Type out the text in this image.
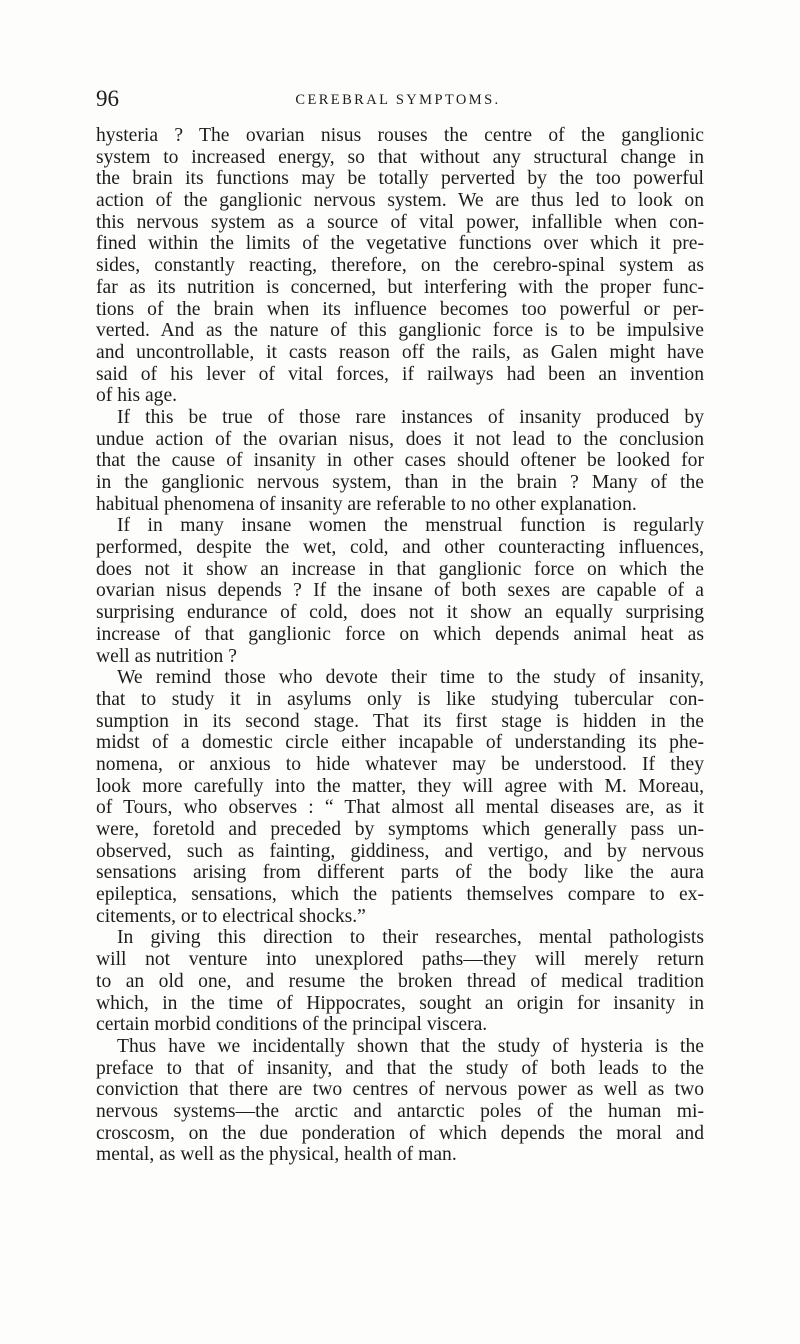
96	CEREBRAL SYMPTOMS.
hysteria ? The ovarian nisus rouses the centre of the ganglionic
system to increased energy, so that without any structural change in
the brain its functions may be totally perverted by the too powerful
action of the ganglionic nervous system. We are thus led to look on
this nervous system as a source of vital power, infallible when con-
fined within the limits of the vegetative functions over which it pre-
sides, constantly reacting, therefore, on the cerebro-spinal system as
far as its nutrition is concerned, but interfering with the proper func-
tions of the brain when its influence becomes too powerful or per-
verted. And as the nature of this ganglionic force is to be impulsive
and uncontrollable, it casts reason off the rails, as Galen might have
said of his lever of vital forces, if railways had been an invention
of his age.
If this be true of those rare instances of insanity produced by
undue action of the ovarian nisus, does it not lead to the conclusion
that the cause of insanity in other cases should oftener be looked for
in the ganglionic nervous system, than in the brain ? Many of the
habitual phenomena of insanity are referable to no other explanation.
If in many insane women the menstrual function is regularly
performed, despite the wet, cold, and other counteracting influences,
does not it show an increase in that ganglionic force on which the
ovarian nisus depends ? If the insane of both sexes are capable of a
surprising endurance of cold, does not it show an equally surprising
increase of that ganglionic force on which depends animal heat as
well as nutrition ?
We remind those who devote their time to the study of insanity,
that to study it in asylums only is like studying tubercular con-
sumption in its second stage. That its first stage is hidden in the
midst of a domestic circle either incapable of understanding its phe-
nomena, or anxious to hide whatever may be understood. If they
look more carefully into the matter, they will agree with M. Moreau,
of Tours, who observes : “ That almost all mental diseases are, as it
were, foretold and preceded by symptoms which generally pass un-
observed, such as fainting, giddiness, and vertigo, and by nervous
sensations arising from different parts of the body like the aura
epileptica, sensations, which the patients themselves compare to ex-
citements, or to electrical shocks.”
In giving this direction to their researches, mental pathologists
will not venture into unexplored paths—they will merely return
to an old one, and resume the broken thread of medical tradition
which, in the time of Hippocrates, sought an origin for insanity in
certain morbid conditions of the principal viscera.
Thus have we incidentally shown that the study of hysteria is the
preface to that of insanity, and that the study of both leads to the
conviction that there are two centres of nervous power as well as two
nervous systems—the arctic and antarctic poles of the human mi-
croscosm, on the due ponderation of which depends the moral and
mental, as well as the physical, health of man.
